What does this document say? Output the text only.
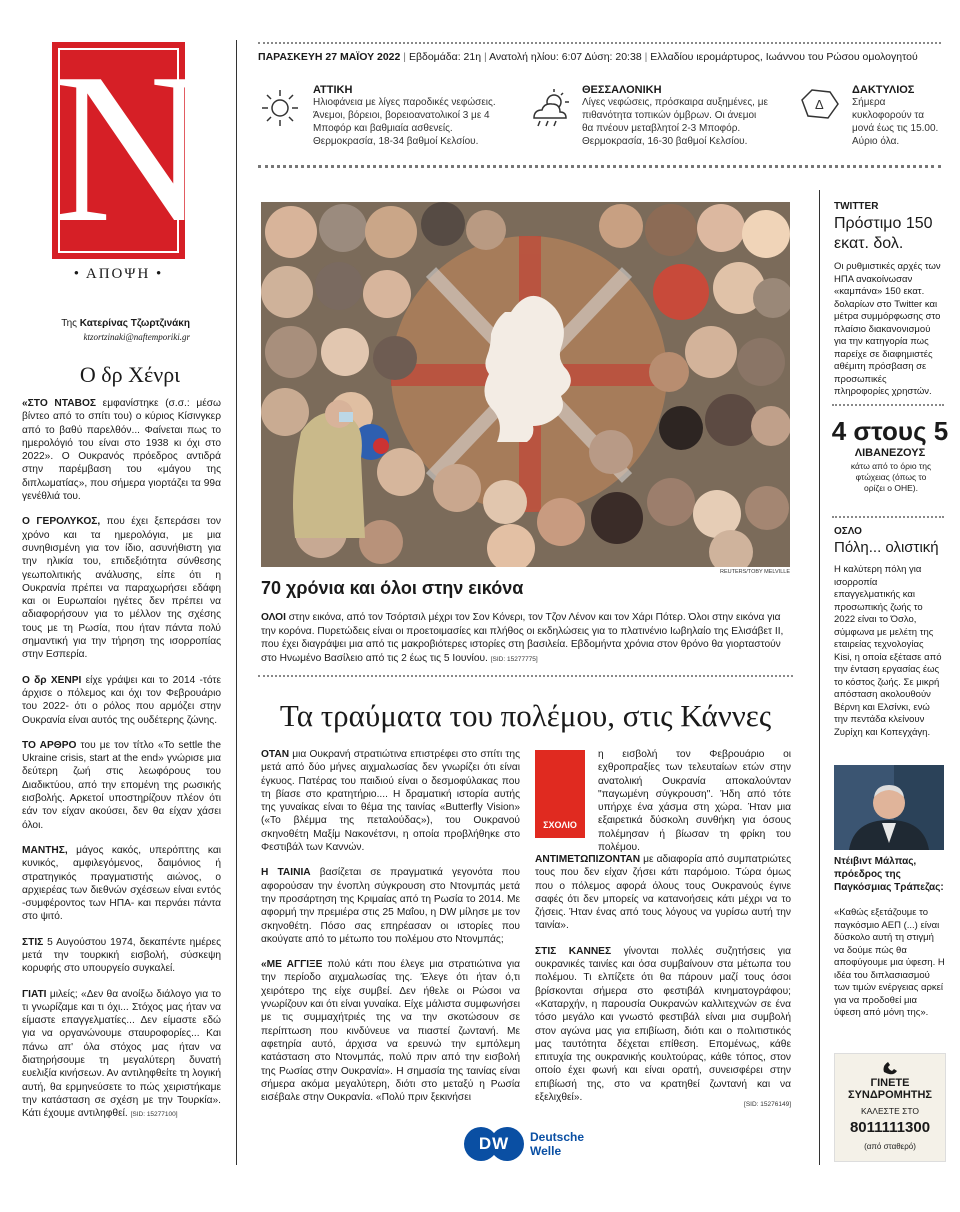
N
• ΑΠΟΨΗ •
Της Κατερίνας Τζωρτζινάκη
ktzortzinaki@naftemporiki.gr
Ο δρ Χένρι

«ΣΤΟ ΝΤΑΒΟΣ εμφανίστηκε (σ.σ.: μέσω βίντεο από το σπίτι του) ο κύριος Κίσινγκερ από το βαθύ παρελθόν... Φαίνεται πως το ημερολόγιό του είναι στο 1938 κι όχι στο 2022». Ο Ουκρανός πρόεδρος αντιδρά στην παρέμβαση του «μάγου της διπλωματίας», που σήμερα γιορτάζει τα 99α γενέθλιά του.

Ο ΓΕΡΟΛΥΚΟΣ, που έχει ξεπεράσει τον χρόνο και τα ημερολόγια, με μια συνηθισμένη για τον ίδιο, ασυνήθιστη για την ηλικία του, επιδεξιότητα σύνθεσης γεωπολιτικής ανάλυσης, είπε ότι η Ουκρανία πρέπει να παραχωρήσει εδάφη και οι Ευρωπαίοι ηγέτες δεν πρέπει να αδιαφορήσουν για το μέλλον της σχέσης τους με τη Ρωσία, που ήταν πάντα πολύ σημαντική για την τήρηση της ισορροπίας στην Εσπερία.

Ο δρ ΧΕΝΡΙ είχε γράψει και το 2014 -τότε άρχισε ο πόλεμος και όχι τον Φεβρουάριο του 2022- ότι ο ρόλος που αρμόζει στην Ουκρανία είναι αυτός της ουδέτερης ζώνης.

ΤΟ ΑΡΘΡΟ του με τον τίτλο «To settle the Ukraine crisis, start at the end» γνώρισε μια δεύτερη ζωή στις λεωφόρους του Διαδικτύου, από την επομένη της ρωσικής εισβολής. Αρκετοί υποστηρίζουν πλέον ότι εάν τον είχαν ακούσει, δεν θα είχαν χάσει όλοι.

ΜΑΝΤΗΣ, μάγος κακός, υπερόπτης και κυνικός, αμφιλεγόμενος, δαιμόνιος ή στρατηγικός πραγματιστής αιώνος, ο αρχιερέας των διεθνών σχέσεων είναι εντός -συμφέροντος των ΗΠΑ- και περνάει πάντα στο ψιτό.

ΣΤΙΣ 5 Αυγούστου 1974, δεκαπέντε ημέρες μετά την τουρκική εισβολή, σύσκεψη κορυφής στο υπουργείο συγκαλεί.

ΓΙΑΤΙ μιλείς; «Δεν θα ανοίξω διάλογο για το τι γνωρίζαμε και τι όχι... Στόχος μας ήταν να είμαστε επαγγελματίες... Δεν είμαστε εδώ για να οργανώνουμε σταυροφορίες... Και πάνω απ' όλα στόχος μας ήταν να διατηρήσουμε τη μεγαλύτερη δυνατή ευελιξία κινήσεων. Αν αντιληφθείτε τη λογική αυτή, θα ερμηνεύσετε το πώς χειριστήκαμε την κατάσταση σε σχέση με την Τουρκία». Κάτι έχουμε αντιληφθεί. [SID: 15277100]

ΠΑΡΑΣΚΕΥΗ 27 ΜΑΪΟΥ 2022 | Εβδομάδα: 21η | Ανατολή ηλίου: 6:07 Δύση: 20:38 | Ελλαδίου ιερομάρτυρος, Ιωάννου του Ρώσου ομολογητού
ΑΤΤΙΚΗ
Ηλιοφάνεια με λίγες παροδικές νεφώσεις. Άνεμοι, βόρειοι, βορειοανατολικοί 3 με 4 Μποφόρ και βαθμιαία ασθενείς. Θερμοκρασία, 18-34 βαθμοί Κελσίου.
ΘΕΣΣΑΛΟΝΙΚΗ
Λίγες νεφώσεις, πρόσκαιρα αυξημένες, με πιθανότητα τοπικών όμβρων. Οι άνεμοι θα πνέουν μεταβλητοί 2-3 Μποφόρ. Θερμοκρασία, 16-30 βαθμοί Κελσίου.
Δ
ΔΑΚΤΥΛΙΟΣ
Σήμερα κυκλοφορούν τα μονά έως τις 15.00. Αύριο όλα.
REUTERS/TOBY MELVILLE
70 χρόνια και όλοι στην εικόνα
ΟΛΟΙ στην εικόνα, από τον Τσόρτσιλ μέχρι τον Σον Κόνερι, τον Τζον Λένον και τον Χάρι Πότερ. Όλοι στην εικόνα για την κορόνα. Πυρετώδεις είναι οι προετοιμασίες και πλήθος οι εκδηλώσεις για το πλατινένιο Ιωβηλαίο της Ελισάβετ ΙΙ, που έχει διαγράψει μια από τις μακροβιότερες ιστορίες στη βασιλεία. Εβδομήντα χρόνια στον θρόνο θα γιορταστούν στο Ηνωμένο Βασίλειο από τις 2 έως τις 5 Ιουνίου. [SID: 15277775]
Τα τραύματα του πολέμου, στις Κάννες

ΟΤΑΝ μια Ουκρανή στρατιώτινα επιστρέφει στο σπίτι της μετά από δύο μήνες αιχμαλωσίας δεν γνωρίζει ότι είναι έγκυος. Πατέρας του παιδιού είναι ο δεσμοφύλακας που τη βίασε στο κρατητήριο.... Η δραματική ιστορία αυτής της γυναίκας είναι το θέμα της ταινίας «Butterfly Vision» («Το βλέμμα της πεταλούδας»), του Ουκρανού σκηνοθέτη Μαξίμ Νακονέτσνι, η οποία προβλήθηκε στο Φεστιβάλ των Καννών.

Η ΤΑΙΝΙΑ βασίζεται σε πραγματικά γεγονότα που αφορούσαν την ένοπλη σύγκρουση στο Ντονμπάς μετά την προσάρτηση της Κριμαίας από τη Ρωσία το 2014. Με αφορμή την πρεμιέρα στις 25 Μαΐου, η DW μίλησε με τον σκηνοθέτη. Πόσο σας επηρέασαν οι ιστορίες που ακούγατε από το μέτωπο του πολέμου στο Ντονμπάς;

«ΜΕ ΑΓΓΙΞΕ πολύ κάτι που έλεγε μια στρατιώτινα για την περίοδο αιχμαλωσίας της. Έλεγε ότι ήταν ό,τι χειρότερο της είχε συμβεί. Δεν ήθελε οι Ρώσοι να γνωρίζουν και ότι είναι γυναίκα. Είχε μάλιστα συμφωνήσει με τις συμμαχήτριές της να την σκοτώσουν σε περίπτωση που κινδύνευε να πιαστεί ζωντανή. Με αφετηρία αυτό, άρχισα να ερευνώ την εμπόλεμη κατάσταση στο Ντονμπάς, πολύ πριν από την εισβολή της Ρωσίας στην Ουκρανία». Η σημασία της ταινίας είναι σήμερα ακόμα μεγαλύτερη, διότι στο μεταξύ η Ρωσία εισέβαλε στην Ουκρανία. «Πολύ πριν ξεκινήσει

ΣΧΟΛΙΟ
η εισβολή τον Φεβρουάριο οι εχθροπραξίες των τελευταίων ετών στην ανατολική Ουκρανία αποκαλούνταν "παγωμένη σύγκρουση". Ήδη από τότε υπήρχε ένα χάσμα στη χώρα. Ήταν μια εξαιρετικά δύσκολη συνθήκη για όσους πολέμησαν ή βίωσαν τη φρίκη του πολέμου.

ΑΝΤΙΜΕΤΩΠΙΖΟΝΤΑΝ με αδιαφορία από συμπατριώτες τους που δεν είχαν ζήσει κάτι παρόμοιο. Τώρα όμως που ο πόλεμος αφορά όλους τους Ουκρανούς έγινε σαφές ότι δεν μπορείς να κατανοήσεις κάτι μέχρι να το ζήσεις. Ήταν ένας από τους λόγους να γυρίσω αυτή την ταινία».

ΣΤΙΣ ΚΑΝΝΕΣ γίνονται πολλές συζητήσεις για ουκρανικές ταινίες και όσα συμβαίνουν στα μέτωπα του πολέμου. Τι ελπίζετε ότι θα πάρουν μαζί τους όσοι βρίσκονται σήμερα στο φεστιβάλ κινηματογράφου; «Καταρχήν, η παρουσία Ουκρανών καλλιτεχνών σε ένα τόσο μεγάλο και γνωστό φεστιβάλ είναι μια συμβολή στον αγώνα μας για επιβίωση, διότι και ο πολιτιστικός μας ταυτότητα δέχεται επίθεση. Επομένως, κάθε επιτυχία της ουκρανικής κουλτούρας, κάθε τόπος, στον οποίο έχει φωνή και είναι ορατή, συνεισφέρει στην επιβίωσή της, στο να κρατηθεί ζωντανή και να εξελιχθεί».

[SID: 15276149]
DW	Deutsche
Welle
TWITTER
Πρόστιμο 150 εκατ. δολ.
Οι ρυθμιστικές αρχές των ΗΠΑ ανακοίνωσαν «καμπάνα» 150 εκατ. δολαρίων στο Twitter και μέτρα συμμόρφωσης στο πλαίσιο διακανονισμού για την κατηγορία πως παρείχε σε διαφημιστές αθέμιτη πρόσβαση σε προσωπικές πληροφορίες χρηστών.
4 στους 5
ΛΙΒΑΝΕΖΟΥΣ
κάτω από το όριο της φτώχειας (όπως το ορίζει ο ΟΗΕ).
ΟΣΛΟ
Πόλη... ολιστική
Η καλύτερη πόλη για ισορροπία επαγγελματικής και προσωπικής ζωής το 2022 είναι το Όσλο, σύμφωνα με μελέτη της εταιρείας τεχνολογίας Kisi, η οποία εξέτασε από την ένταση εργασίας έως το κόστος ζωής. Σε μικρή απόσταση ακολουθούν Βέρνη και Ελσίνκι, ενώ την πεντάδα κλείνουν Ζυρίχη και Κοπεγχάγη.
Ντέιβιντ Μάλπας, πρόεδρος της Παγκόσμιας Τράπεζας:
«Καθώς εξετάζουμε το παγκόσμιο ΑΕΠ (...) είναι δύσκολο αυτή τη στιγμή να δούμε πώς θα αποφύγουμε μια ύφεση. Η ιδέα του διπλασιασμού των τιμών ενέργειας αρκεί για να προδοθεί μια ύφεση από μόνη της».
ΓΙΝΕΤΕ
ΣΥΝΔΡΟΜΗΤΗΣ
ΚΑΛΕΣΤΕ ΣΤΟ
8011111300
(από σταθερό)
